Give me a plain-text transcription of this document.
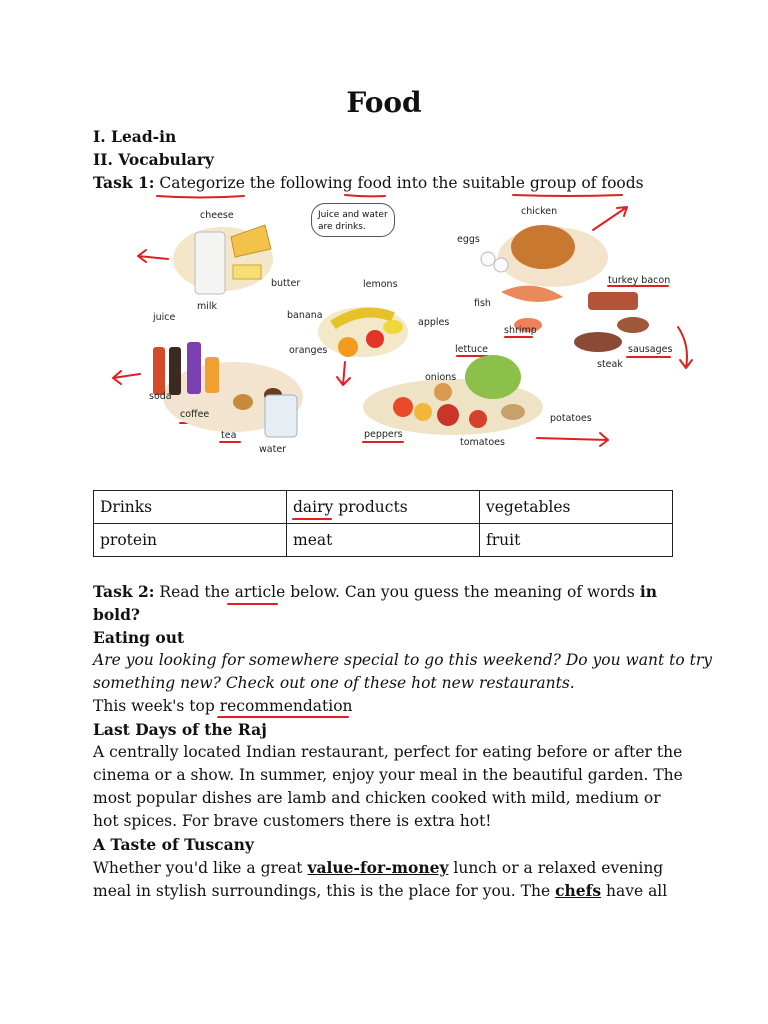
Food
I. Lead-in
II. Vocabulary
Task 1: Categorize the following food into the suitable group of foods
Juice and water are drinks.
cheese
milk
butter
juice
soda
coffee
tea
water
lemons
banana
apples
oranges
chicken
eggs
fish
shrimp
turkey bacon
sausages
steak
lettuce
onions
peppers
potatoes
tomatoes
Drinks	dairy products	vegetables
protein	meat	fruit
Task 2: Read the article below. Can you guess the meaning of words in
bold?
Eating out
Are you looking for somewhere special to go this weekend? Do you want to try
something new? Check out one of these hot new restaurants.
This week's top recommendation
Last Days of the Raj
A centrally located Indian restaurant, perfect for eating before or after the
cinema or a show. In summer, enjoy your meal in the beautiful garden. The
most popular dishes are lamb and chicken cooked with mild, medium or
hot spices. For brave customers there is extra hot!
A Taste of Tuscany
Whether you'd like a great value-for-money lunch or a relaxed evening
meal in stylish surroundings, this is the place for you. The chefs have all
